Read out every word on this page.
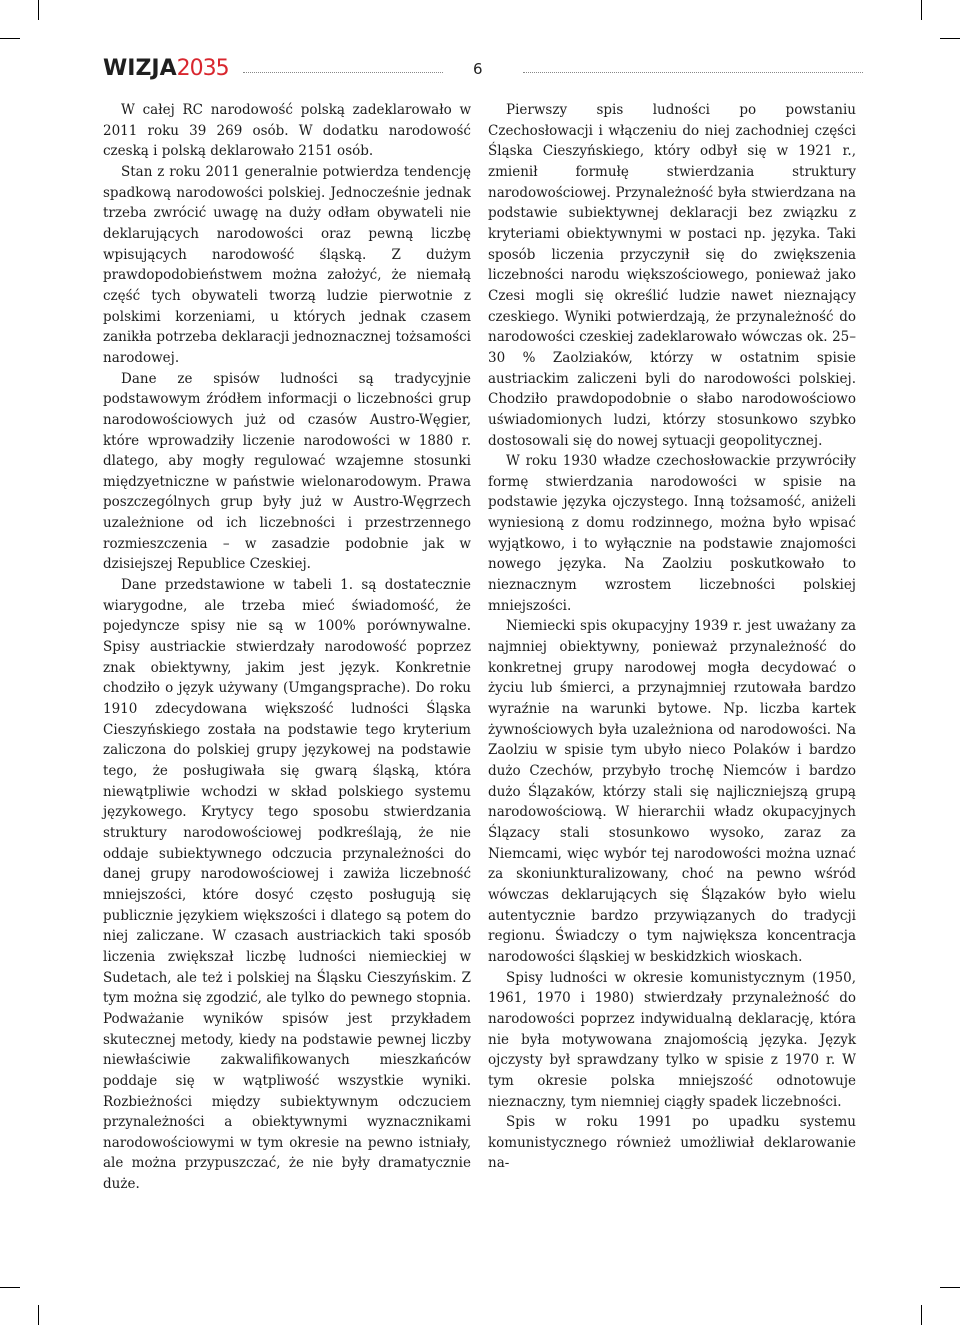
WIZJA2035	6

W całej RC narodowość polską zadeklarowało w 2011 roku 39 269 osób. W dodatku narodowość czeską i polską deklarowało 2151 osób.

Stan z roku 2011 generalnie potwierdza tendencję spadkową narodowości polskiej. Jednocześnie jednak trzeba zwrócić uwagę na duży odłam obywateli nie deklarujących narodowości oraz pewną liczbę wpisujących narodowość śląską. Z dużym prawdopodobieństwem można założyć, że niemałą część tych obywateli tworzą ludzie pierwotnie z polskimi korzeniami, u których jednak czasem zanikła potrzeba deklaracji jednoznacznej tożsamości narodowej.

Dane ze spisów ludności są tradycyjnie podstawowym źródłem informacji o liczebności grup narodowościowych już od czasów Austro-Węgier, które wprowadziły liczenie narodowości w 1880 r. dlatego, aby mogły regulować wzajemne stosunki międzyetniczne w państwie wielonarodowym. Prawa poszczególnych grup były już w Austro-Węgrzech uzależnione od ich liczebności i przestrzennego rozmieszczenia – w zasadzie podobnie jak w dzisiejszej Republice Czeskiej.

Dane przedstawione w tabeli 1. są dostatecznie wiarygodne, ale trzeba mieć świadomość, że pojedyncze spisy nie są w 100% porównywalne. Spisy austriackie stwierdzały narodowość poprzez znak obiektywny, jakim jest język. Konkretnie chodziło o język używany (Umgangsprache). Do roku 1910 zdecydowana większość ludności Śląska Cieszyńskiego została na podstawie tego kryterium zaliczona do polskiej grupy językowej na podstawie tego, że posługiwała się gwarą śląską, która niewątpliwie wchodzi w skład polskiego systemu językowego. Krytycy tego sposobu stwierdzania struktury narodowościowej podkreślają, że nie oddaje subiektywnego odczucia przynależności do danej grupy narodowościowej i zawiża liczebność mniejszości, które dosyć często posługują się publicznie językiem większości i dlatego są potem do niej zaliczane. W czasach austriackich taki sposób liczenia zwiększał liczbę ludności niemieckiej w Sudetach, ale też i polskiej na Śląsku Cieszyńskim. Z tym można się zgodzić, ale tylko do pewnego stopnia. Podważanie wyników spisów jest przykładem skutecznej metody, kiedy na podstawie pewnej liczby niewłaściwie zakwalifikowanych mieszkańców poddaje się w wątpliwość wszystkie wyniki. Rozbieżności między subiektywnym odczuciem przynależności a obiektywnymi wyznacznikami narodowościowymi w tym okresie na pewno istniały, ale można przypuszczać, że nie były dramatycznie duże.

Pierwszy spis ludności po powstaniu Czechosłowacji i włączeniu do niej zachodniej części Śląska Cieszyńskiego, który odbył się w 1921 r., zmienił formułę stwierdzania struktury narodowościowej. Przynależność była stwierdzana na podstawie subiektywnej deklaracji bez związku z kryteriami obiektywnymi w postaci np. języka. Taki sposób liczenia przyczynił się do zwiększenia liczebności narodu większościowego, ponieważ jako Czesi mogli się określić ludzie nawet nieznający czeskiego. Wyniki potwierdzają, że przynależność do narodowości czeskiej zadeklarowało wówczas ok. 25–30 % Zaolziaków, którzy w ostatnim spisie austriackim zaliczeni byli do narodowości polskiej. Chodziło prawdopodobnie o słabo narodowościowo uświadomionych ludzi, którzy stosunkowo szybko dostosowali się do nowej sytuacji geopolitycznej.

W roku 1930 władze czechosłowackie przywróciły formę stwierdzania narodowości w spisie na podstawie języka ojczystego. Inną tożsamość, aniżeli wyniesioną z domu rodzinnego, można było wpisać wyjątkowo, i to wyłącznie na podstawie znajomości nowego języka. Na Zaolziu poskutkowało to nieznacznym wzrostem liczebności polskiej mniejszości.

Niemiecki spis okupacyjny 1939 r. jest uważany za najmniej obiektywny, ponieważ przynależność do konkretnej grupy narodowej mogła decydować o życiu lub śmierci, a przynajmniej rzutowała bardzo wyraźnie na warunki bytowe. Np. liczba kartek żywnościowych była uzależniona od narodowości. Na Zaolziu w spisie tym ubyło nieco Polaków i bardzo dużo Czechów, przybyło trochę Niemców i bardzo dużo Ślązaków, którzy stali się najliczniejszą grupą narodowościową. W hierarchii władz okupacyjnych Ślązacy stali stosunkowo wysoko, zaraz za Niemcami, więc wybór tej narodowości można uznać za skoniunkturalizowany, choć na pewno wśród wówczas deklarujących się Ślązaków było wielu autentycznie bardzo przywiązanych do tradycji regionu. Świadczy o tym największa koncentracja narodowości śląskiej w beskidzkich wioskach.

Spisy ludności w okresie komunistycznym (1950, 1961, 1970 i 1980) stwierdzały przynależność do narodowości poprzez indywidualną deklarację, która nie była motywowana znajomością języka. Język ojczysty był sprawdzany tylko w spisie z 1970 r. W tym okresie polska mniejszość odnotowuje nieznaczny, tym niemniej ciągły spadek liczebności.

Spis w roku 1991 po upadku systemu komunistycznego również umożliwiał deklarowanie na-
